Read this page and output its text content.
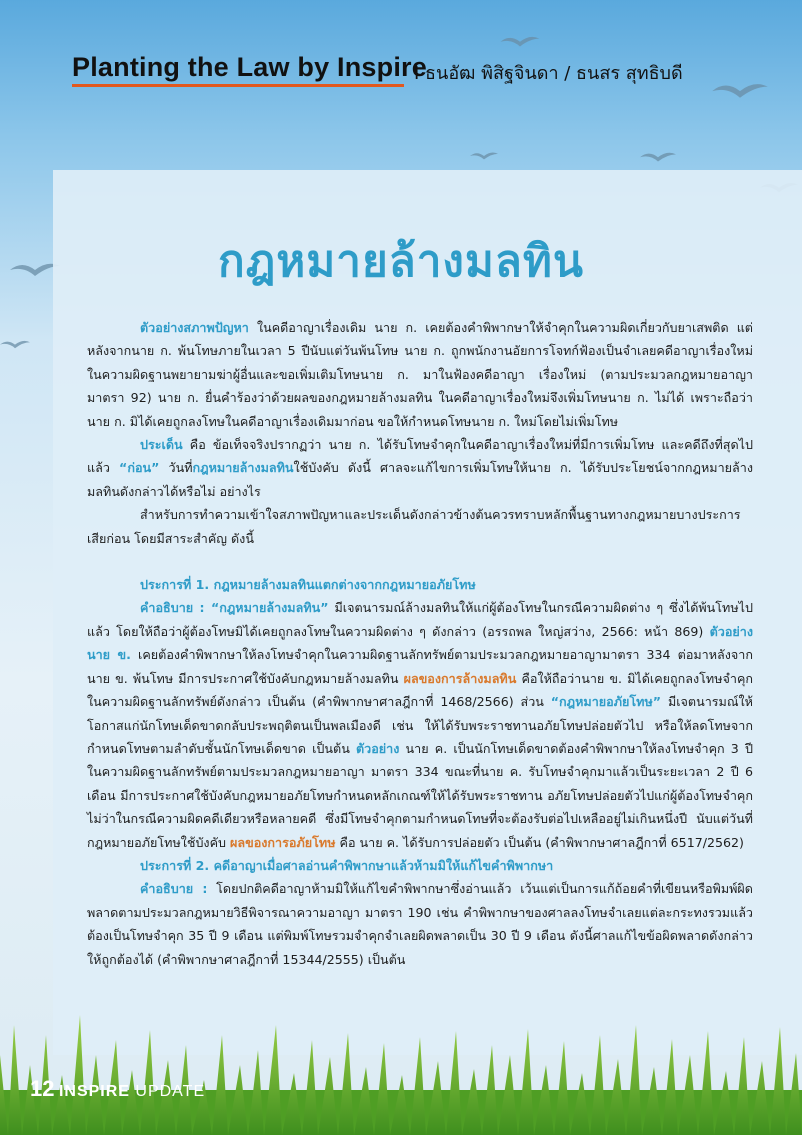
Planting the Law by Inspire
I ธนอัฒ พิสิฐจินดา / ธนสร สุทธิบดี
กฎหมายล้างมลทิน

ตัวอย่างสภาพปัญหา ในคดีอาญาเรื่องเดิม นาย ก. เคยต้องคำพิพากษาให้จำคุกในความผิดเกี่ยวกับยาเสพติด แต่หลังจากนาย ก. พ้นโทษภายในเวลา 5 ปีนับแต่วันพ้นโทษ นาย ก. ถูกพนักงานอัยการโจทก์ฟ้องเป็นจำเลยคดีอาญาเรื่องใหม่ในความผิดฐานพยายามฆ่าผู้อื่นและขอเพิ่มเติมโทษนาย ก. มาในฟ้องคดีอาญา เรื่องใหม่ (ตามประมวลกฎหมายอาญา มาตรา 92) นาย ก. ยื่นคำร้องว่าด้วยผลของกฎหมายล้างมลทิน ในคดีอาญาเรื่องใหม่จึงเพิ่มโทษนาย ก. ไม่ได้ เพราะถือว่านาย ก. มิได้เคยถูกลงโทษในคดีอาญาเรื่องเดิมมาก่อน ขอให้กำหนดโทษนาย ก. ใหม่โดยไม่เพิ่มโทษ

ประเด็น คือ ข้อเท็จจริงปรากฏว่า นาย ก. ได้รับโทษจำคุกในคดีอาญาเรื่องใหม่ที่มีการเพิ่มโทษ และคดีถึงที่สุดไปแล้ว “ก่อน” วันที่กฎหมายล้างมลทินใช้บังคับ ดังนี้ ศาลจะแก้ไขการเพิ่มโทษให้นาย ก. ได้รับประโยชน์จากกฎหมายล้างมลทินดังกล่าวได้หรือไม่ อย่างไร

สำหรับการทำความเข้าใจสภาพปัญหาและประเด็นดังกล่าวข้างต้นควรทราบหลักพื้นฐานทางกฎหมายบางประการเสียก่อน โดยมีสาระสำคัญ ดังนี้

ประการที่ 1. กฎหมายล้างมลทินแตกต่างจากกฎหมายอภัยโทษ

คำอธิบาย : “กฎหมายล้างมลทิน” มีเจตนารมณ์ล้างมลทินให้แก่ผู้ต้องโทษในกรณีความผิดต่าง ๆ ซึ่งได้พ้นโทษไปแล้ว โดยให้ถือว่าผู้ต้องโทษมิได้เคยถูกลงโทษในความผิดต่าง ๆ ดังกล่าว (อรรถพล ใหญ่สว่าง, 2566: หน้า 869) ตัวอย่าง นาย ข. เคยต้องคำพิพากษาให้ลงโทษจำคุกในความผิดฐานลักทรัพย์ตามประมวลกฎหมายอาญามาตรา 334 ต่อมาหลังจาก นาย ข. พ้นโทษ มีการประกาศใช้บังคับกฎหมายล้างมลทิน ผลของการล้างมลทิน คือให้ถือว่านาย ข. มิได้เคยถูกลงโทษจำคุกในความผิดฐานลักทรัพย์ดังกล่าว เป็นต้น (คำพิพากษาศาลฎีกาที่ 1468/2566) ส่วน “กฎหมายอภัยโทษ” มีเจตนารมณ์ให้โอกาสแก่นักโทษเด็ดขาดกลับประพฤติตนเป็นพลเมืองดี เช่น ให้ได้รับพระราชทานอภัยโทษปล่อยตัวไป หรือให้ลดโทษจากกำหนดโทษตามลำดับชั้นนักโทษเด็ดขาด เป็นต้น ตัวอย่าง นาย ค. เป็นนักโทษเด็ดขาดต้องคำพิพากษาให้ลงโทษจำคุก 3 ปี ในความผิดฐานลักทรัพย์ตามประมวลกฎหมายอาญา มาตรา 334 ขณะที่นาย ค. รับโทษจำคุกมาแล้วเป็นระยะเวลา 2 ปี 6 เดือน มีการประกาศใช้บังคับกฎหมายอภัยโทษกำหนดหลักเกณฑ์ให้ได้รับพระราชทาน อภัยโทษปล่อยตัวไปแก่ผู้ต้องโทษจำคุก ไม่ว่าในกรณีความผิดคดีเดียวหรือหลายคดี ซึ่งมีโทษจำคุกตามกำหนดโทษที่จะต้องรับต่อไปเหลืออยู่ไม่เกินหนึ่งปี นับแต่วันที่กฎหมายอภัยโทษใช้บังคับ ผลของการอภัยโทษ คือ นาย ค. ได้รับการปล่อยตัว เป็นต้น (คำพิพากษาศาลฎีกาที่ 6517/2562)

ประการที่ 2. คดีอาญาเมื่อศาลอ่านคำพิพากษาแล้วห้ามมิให้แก้ไขคำพิพากษา

คำอธิบาย : โดยปกติคดีอาญาห้ามมิให้แก้ไขคำพิพากษาซึ่งอ่านแล้ว เว้นแต่เป็นการแก้ถ้อยคำที่เขียนหรือพิมพ์ผิดพลาดตามประมวลกฎหมายวิธีพิจารณาความอาญา มาตรา 190 เช่น คำพิพากษาของศาลลงโทษจำเลยแต่ละกระทงรวมแล้วต้องเป็นโทษจำคุก 35 ปี 9 เดือน แต่พิมพ์โทษรวมจำคุกจำเลยผิดพลาดเป็น 30 ปี 9 เดือน ดังนี้ศาลแก้ไขข้อผิดพลาดดังกล่าวให้ถูกต้องได้ (คำพิพากษาศาลฎีกาที่ 15344/2555) เป็นต้น

12 INSPIRE UPDATE
